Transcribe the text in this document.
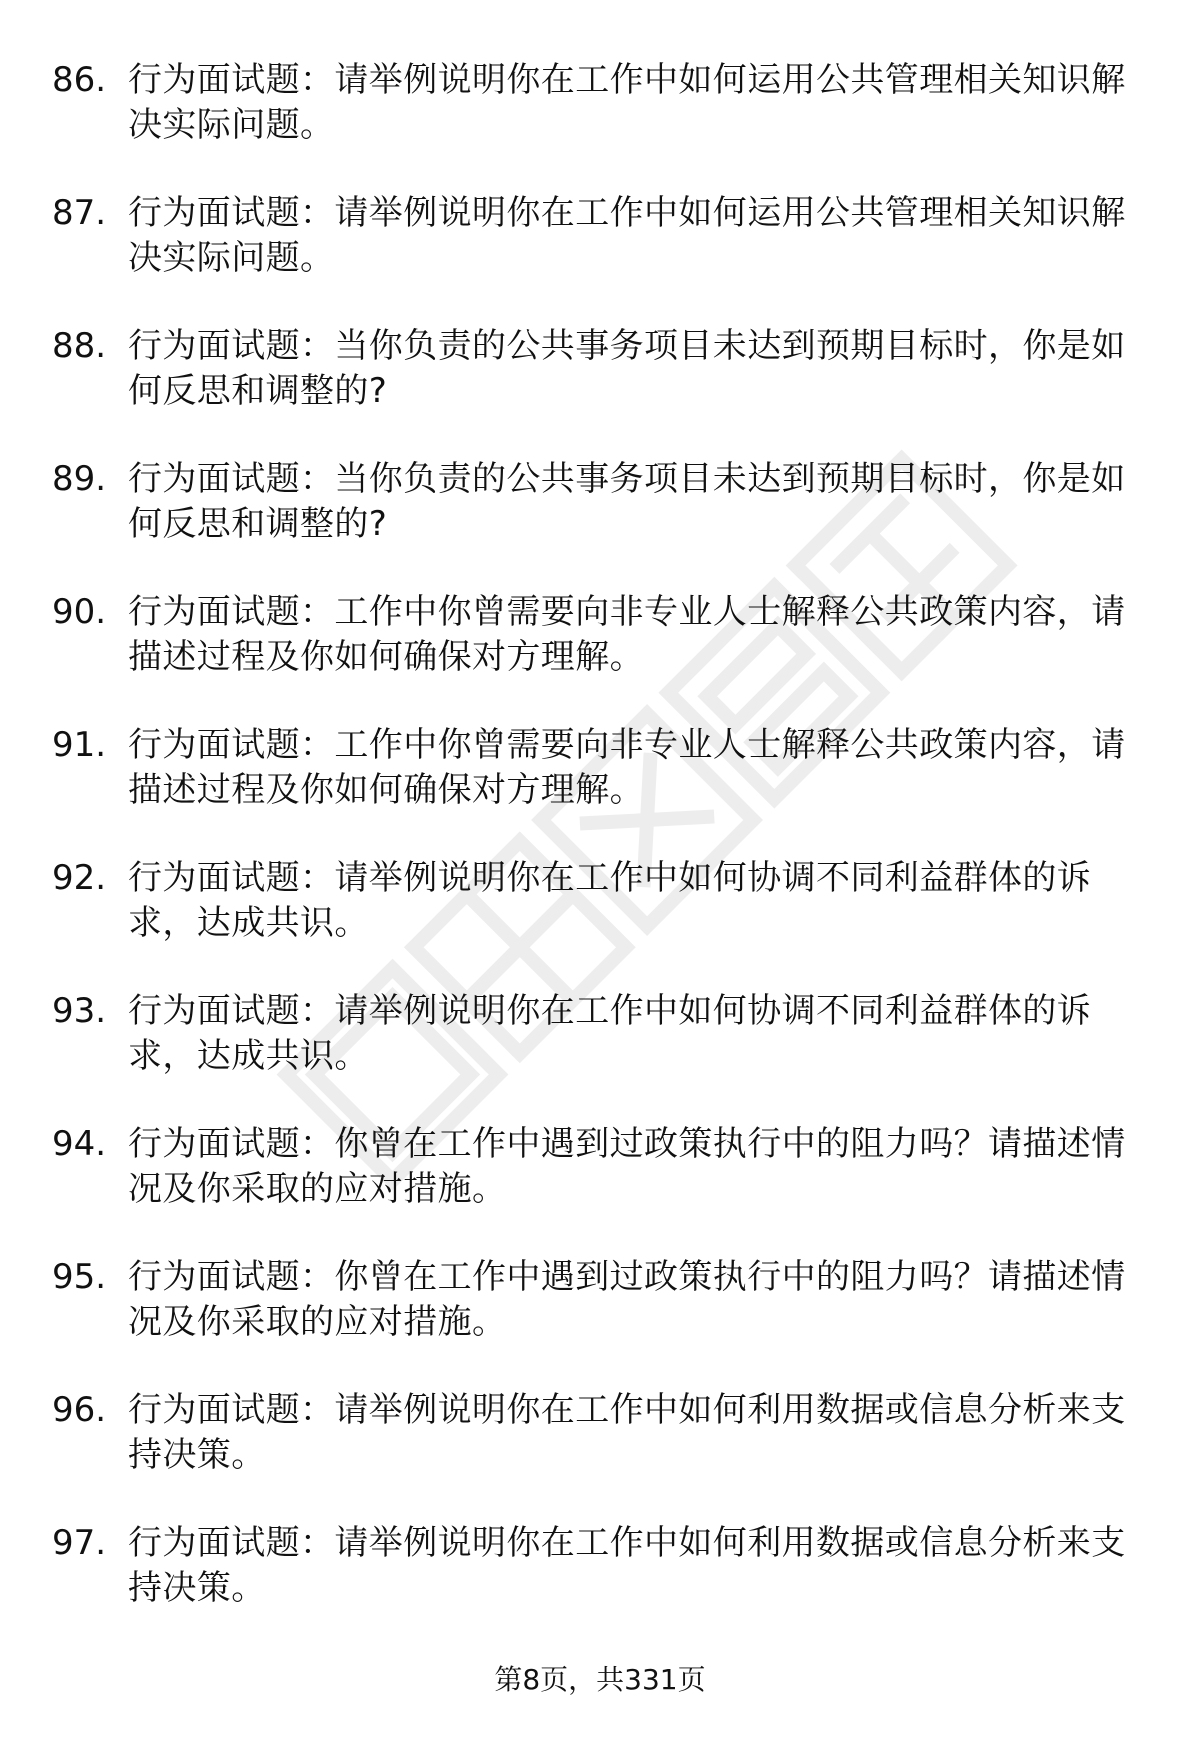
86. 行为面试题：请举例说明你在工作中如何运用公共管理相关知识解决实际问题。
87. 行为面试题：请举例说明你在工作中如何运用公共管理相关知识解决实际问题。
88. 行为面试题：当你负责的公共事务项目未达到预期目标时，你是如何反思和调整的?
89. 行为面试题：当你负责的公共事务项目未达到预期目标时，你是如何反思和调整的?
90. 行为面试题：工作中你曾需要向非专业人士解释公共政策内容，请描述过程及你如何确保对方理解。
91. 行为面试题：工作中你曾需要向非专业人士解释公共政策内容，请描述过程及你如何确保对方理解。
92. 行为面试题：请举例说明你在工作中如何协调不同利益群体的诉求，达成共识。
93. 行为面试题：请举例说明你在工作中如何协调不同利益群体的诉求，达成共识。
94. 行为面试题：你曾在工作中遇到过政策执行中的阻力吗？请描述情况及你采取的应对措施。
95. 行为面试题：你曾在工作中遇到过政策执行中的阻力吗？请描述情况及你采取的应对措施。
96. 行为面试题：请举例说明你在工作中如何利用数据或信息分析来支持决策。
97. 行为面试题：请举例说明你在工作中如何利用数据或信息分析来支持决策。
第8页，共331页
